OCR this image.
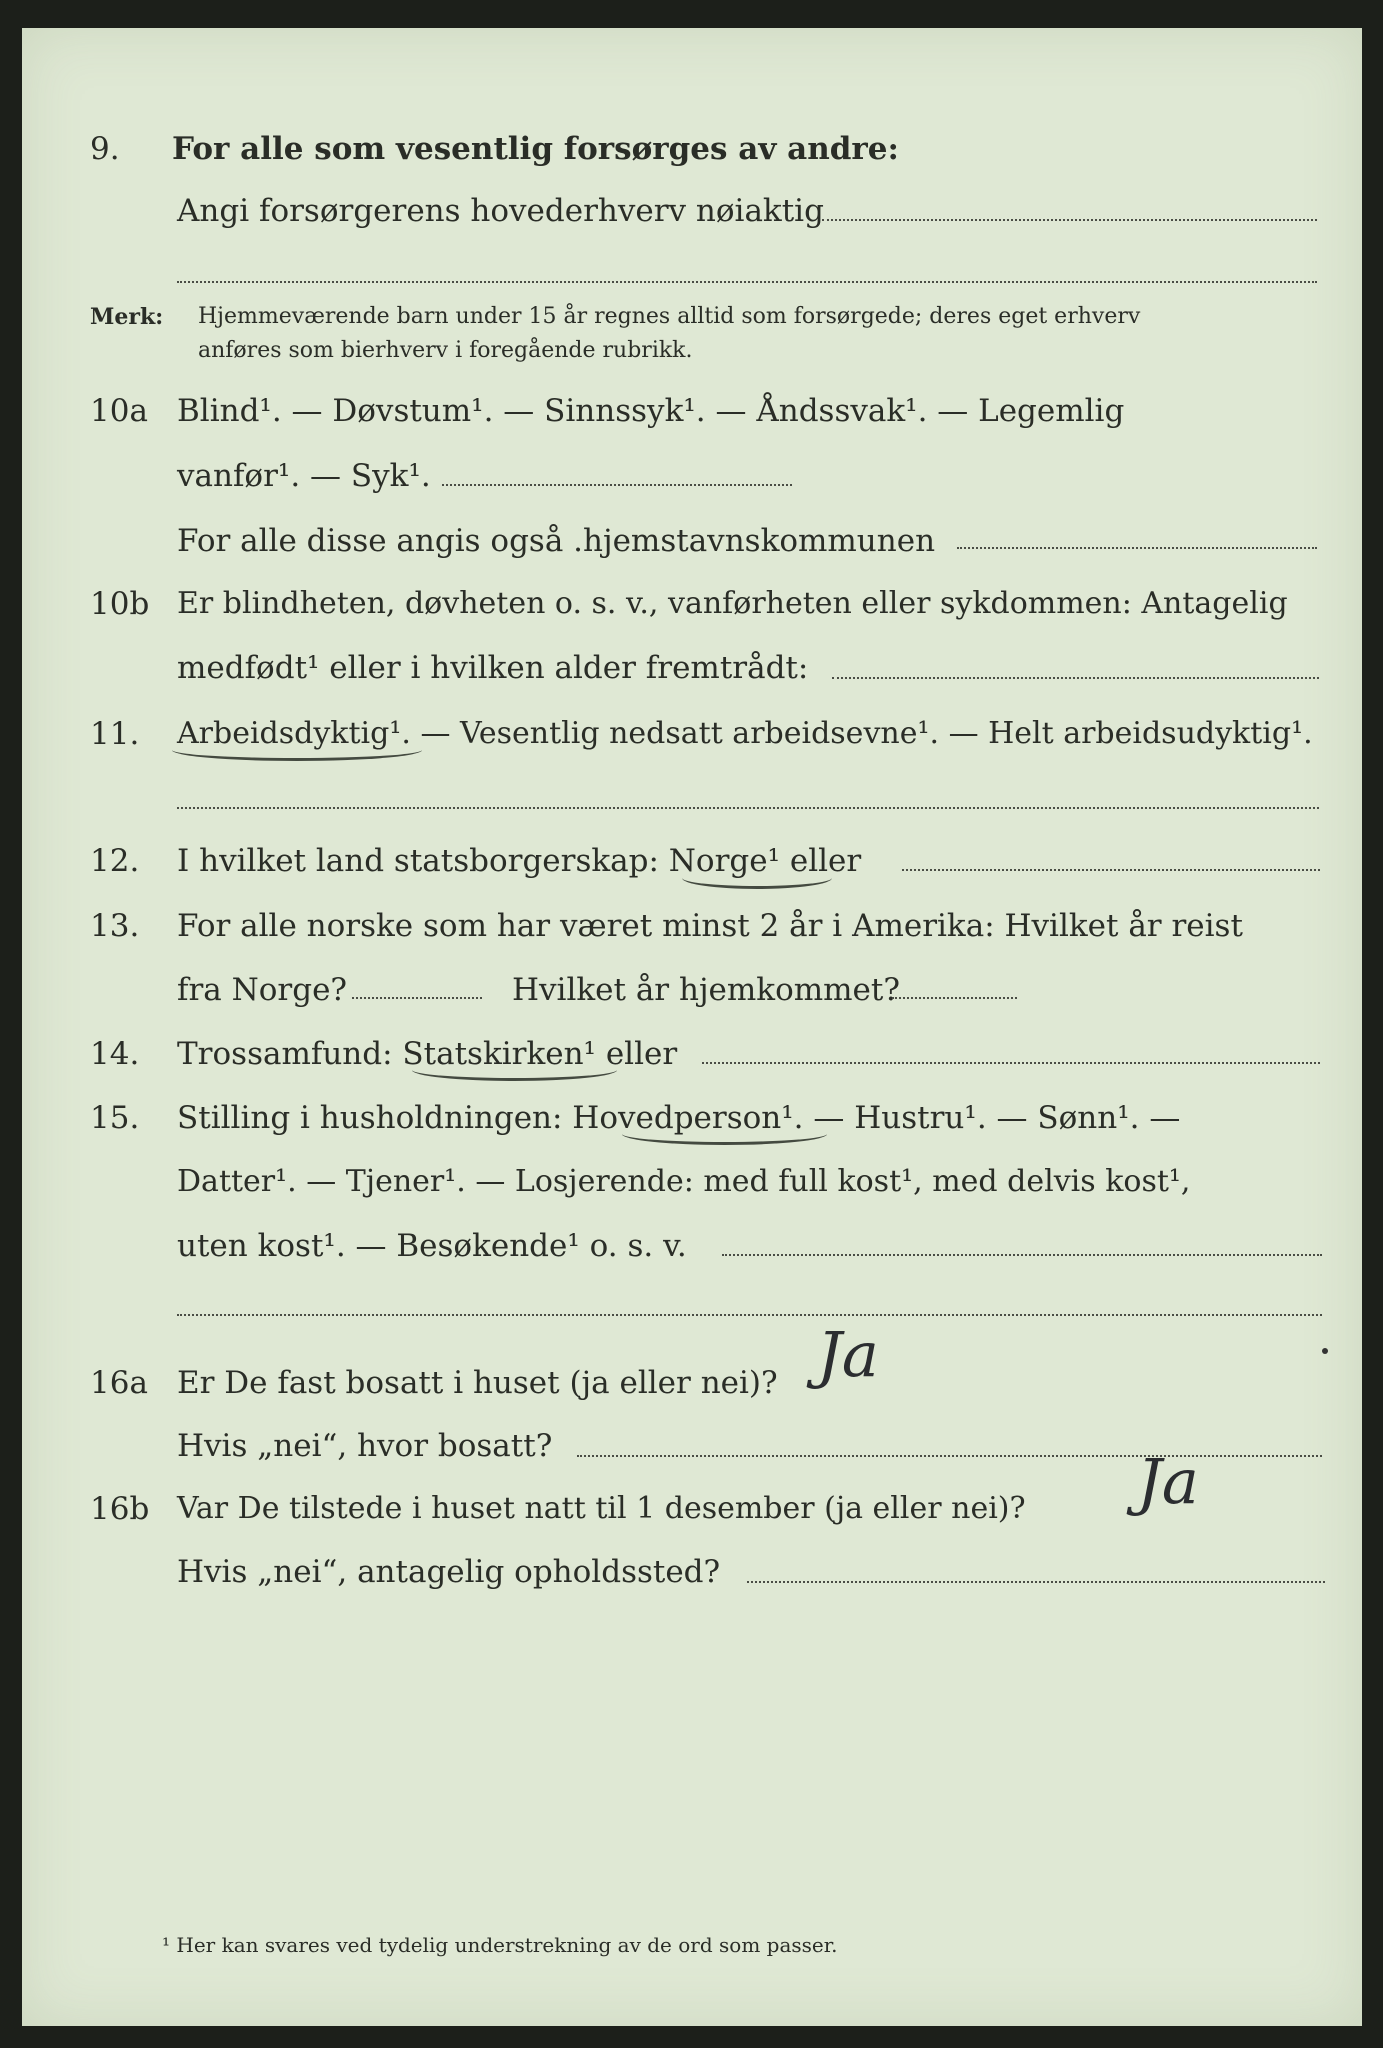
9. For alle som vesentlig forsørges av andre:
Angi forsørgerens hovederhverv nøiaktig
Merk: Hjemmeværende barn under 15 år regnes alltid som forsørgede; deres eget erhverv
anføres som bierhverv i foregående rubrikk.
10a Blind¹. — Døvstum¹. — Sinnssyk¹. — Åndssvak¹. — Legemlig
vanfør¹. — Syk¹.
For alle disse angis også .hjemstavnskommunen
10b Er blindheten, døvheten o. s. v., vanførheten eller sykdommen: Antagelig
medfødt¹ eller i hvilken alder fremtrådt:
11. Arbeidsdyktig¹. — Vesentlig nedsatt arbeidsevne¹. — Helt arbeidsudyktig¹.
12. I hvilket land statsborgerskap: Norge¹ eller
13. For alle norske som har været minst 2 år i Amerika: Hvilket år reist
fra Norge?	Hvilket år hjemkommet?
14. Trossamfund: Statskirken¹ eller
15. Stilling i husholdningen: Hovedperson¹. — Hustru¹. — Sønn¹. —
Datter¹. — Tjener¹. — Losjerende: med full kost¹, med delvis kost¹,
uten kost¹. — Besøkende¹ o. s. v.
16a Er De fast bosatt i huset (ja eller nei)? Ja
Hvis „nei“, hvor bosatt?
16b Var De tilstede i huset natt til 1 desember (ja eller nei)? Ja
Hvis „nei“, antagelig opholdssted?
¹ Her kan svares ved tydelig understrekning av de ord som passer.
